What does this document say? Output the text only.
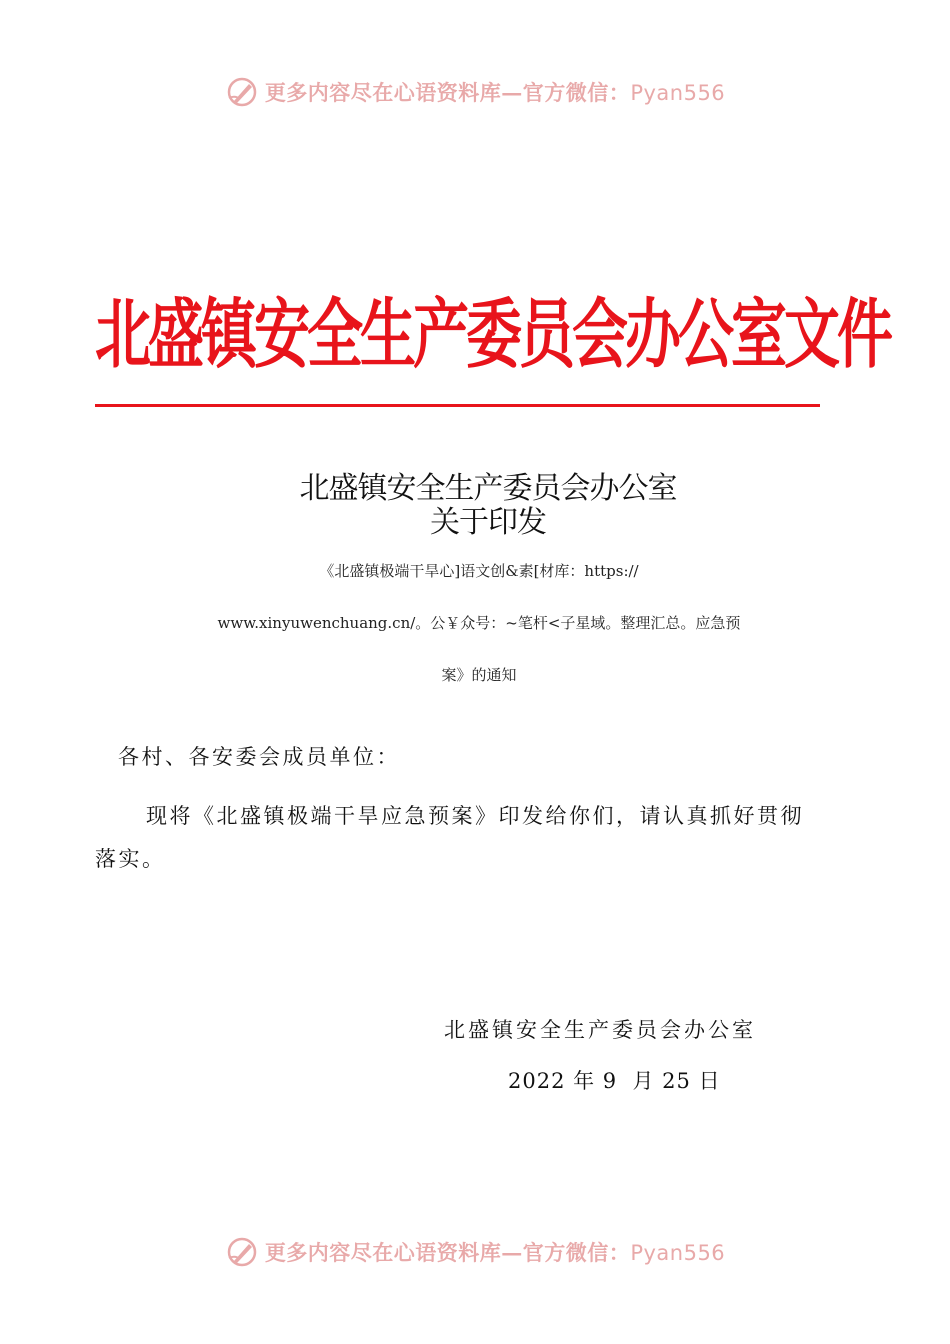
更多内容尽在心语资料库—官方微信：Pyan556
北盛镇安全生产委员会办公室文件
北盛镇安全生产委员会办公室
关于印发
《北盛镇极端干旱心]语文创&素[材库：https://
www.xinyuwenchuang.cn/。公￥众号：~笔杆<子星域。整理汇总。应急预
案》的通知
各村、各安委会成员单位：
现将《北盛镇极端干旱应急预案》印发给你们，请认真抓好贯彻
落实。
北盛镇安全生产委员会办公室
2022 年 9  月 25 日
更多内容尽在心语资料库—官方微信：Pyan556
